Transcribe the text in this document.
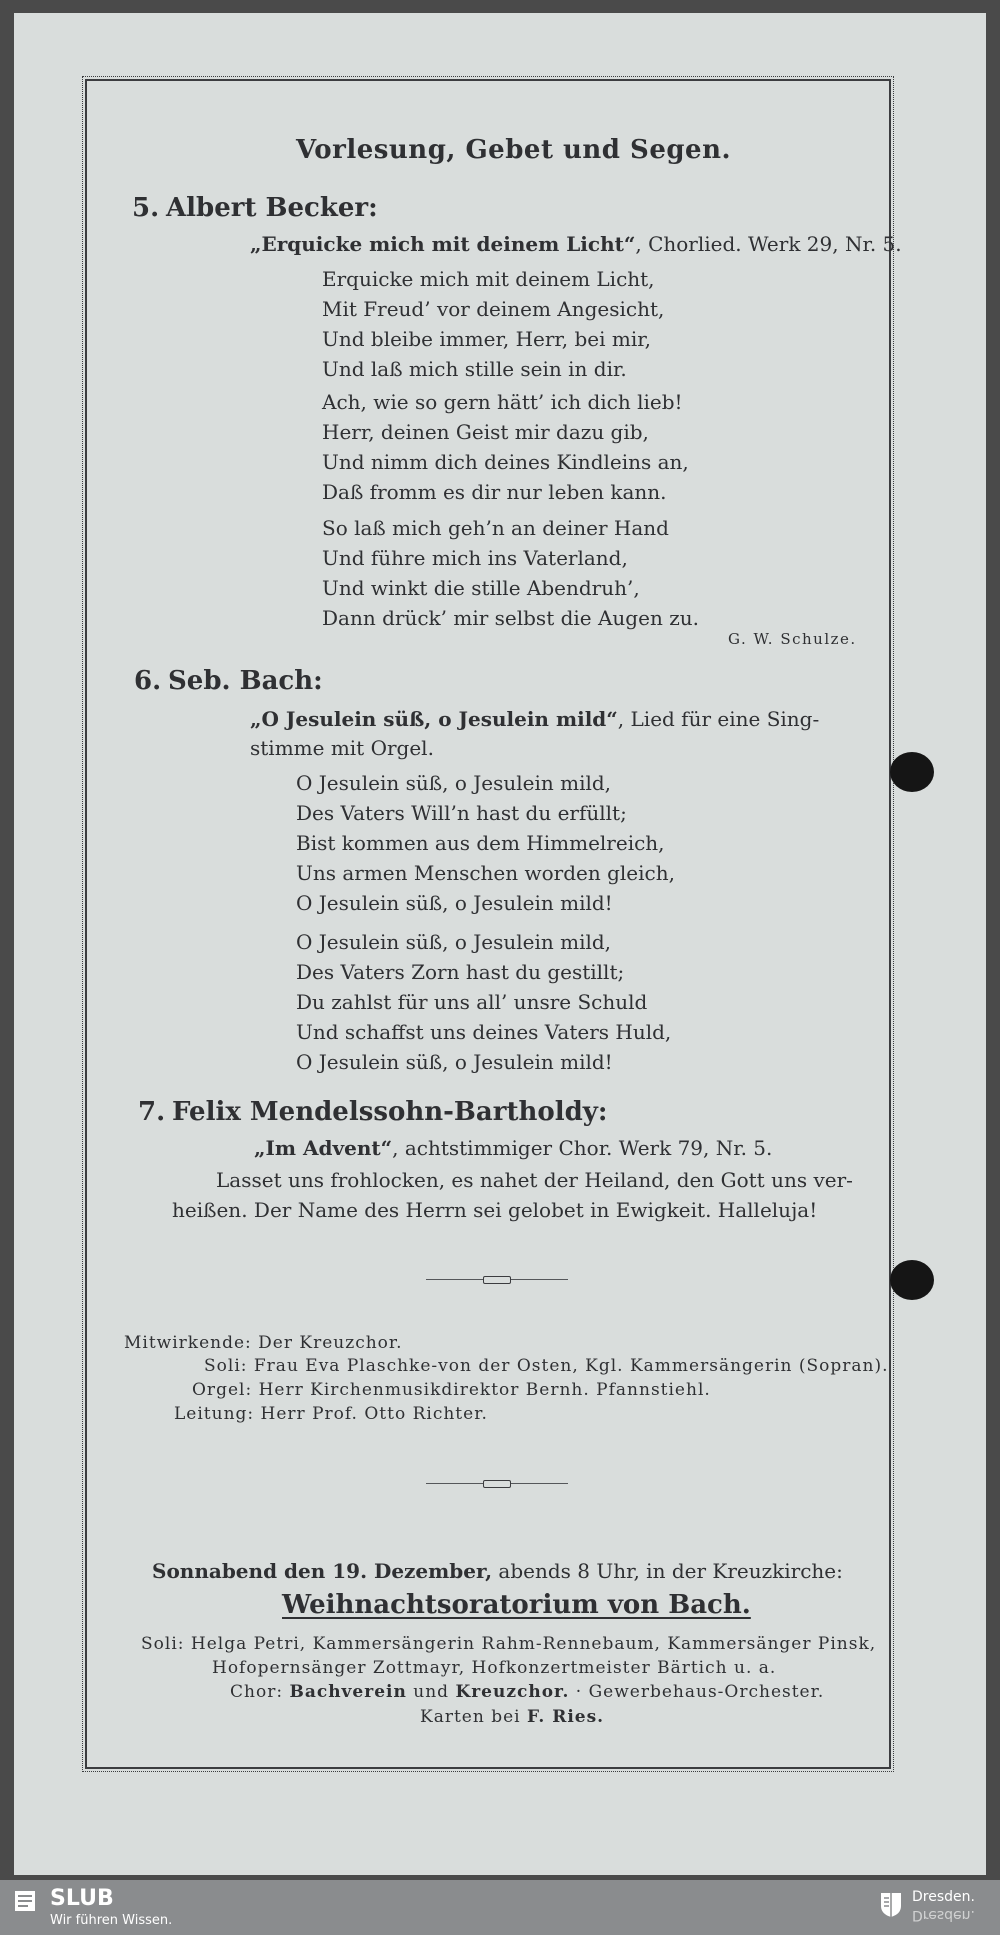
Vorlesung, Gebet und Segen.
5. Albert Becker:
„Erquicke mich mit deinem Licht“, Chorlied. Werk 29, Nr. 5.
Erquicke mich mit deinem Licht,
Mit Freud’ vor deinem Angesicht,
Und bleibe immer, Herr, bei mir,
Und laß mich stille sein in dir.
Ach, wie so gern hätt’ ich dich lieb!
Herr, deinen Geist mir dazu gib,
Und nimm dich deines Kindleins an,
Daß fromm es dir nur leben kann.
So laß mich geh’n an deiner Hand
Und führe mich ins Vaterland,
Und winkt die stille Abendruh’,
Dann drück’ mir selbst die Augen zu.
G. W. Schulze.
6. Seb. Bach:
„O Jesulein süß, o Jesulein mild“, Lied für eine Sing-
stimme mit Orgel.
O Jesulein süß, o Jesulein mild,
Des Vaters Will’n hast du erfüllt;
Bist kommen aus dem Himmelreich,
Uns armen Menschen worden gleich,
O Jesulein süß, o Jesulein mild!
O Jesulein süß, o Jesulein mild,
Des Vaters Zorn hast du gestillt;
Du zahlst für uns all’ unsre Schuld
Und schaffst uns deines Vaters Huld,
O Jesulein süß, o Jesulein mild!
7. Felix Mendelssohn-Bartholdy:
„Im Advent“, achtstimmiger Chor. Werk 79, Nr. 5.
Lasset uns frohlocken, es nahet der Heiland, den Gott uns ver-
heißen. Der Name des Herrn sei gelobet in Ewigkeit. Halleluja!
Mitwirkende: Der Kreuzchor.
Soli: Frau Eva Plaschke-von der Osten, Kgl. Kammersängerin (Sopran).
Orgel: Herr Kirchenmusikdirektor Bernh. Pfannstiehl.
Leitung: Herr Prof. Otto Richter.
Sonnabend den 19. Dezember, abends 8 Uhr, in der Kreuzkirche:
Weihnachtsoratorium von Bach.
Soli: Helga Petri, Kammersängerin Rahm-Rennebaum, Kammersänger Pinsk,
Hofopernsänger Zottmayr, Hofkonzertmeister Bärtich u. a.
Chor: Bachverein und Kreuzchor. · Gewerbehaus-Orchester.
Karten bei F. Ries.
SLUB
Wir führen Wissen.
Dresden.
Dresden.
